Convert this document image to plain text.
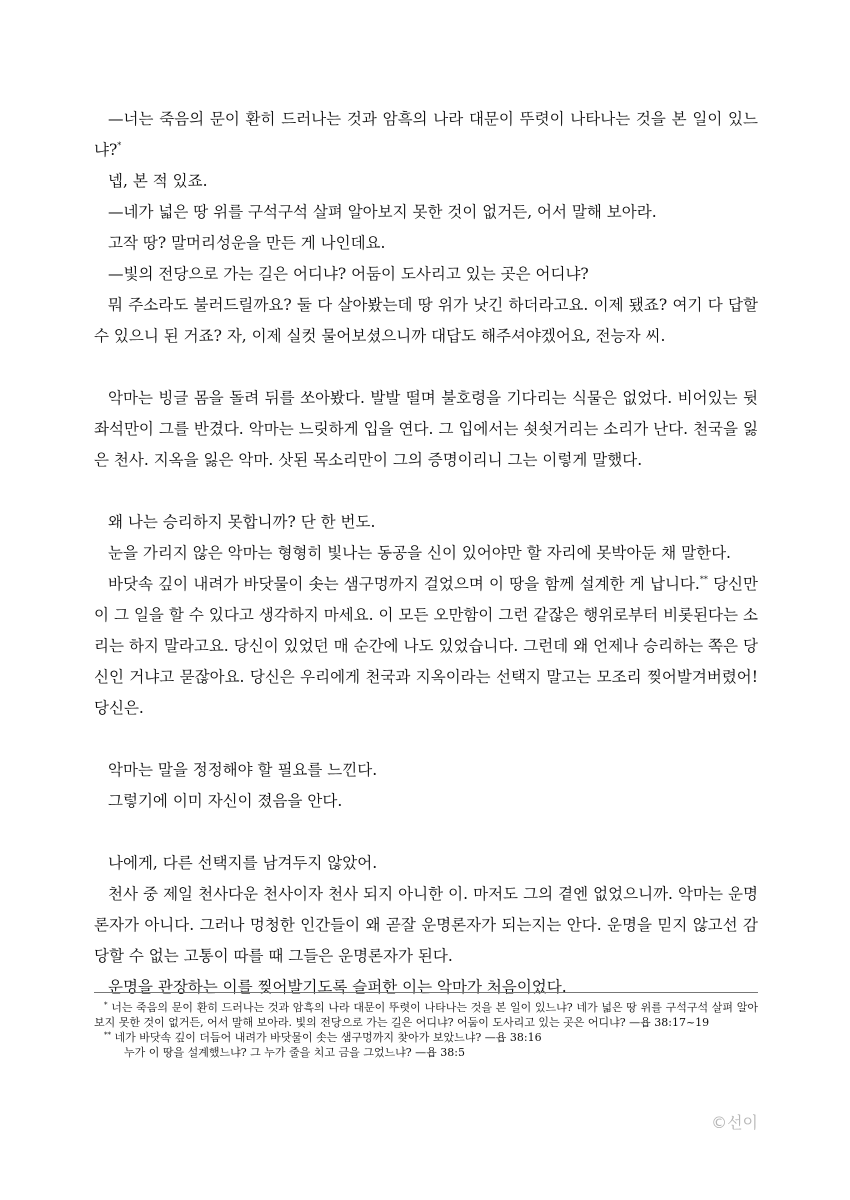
—너는 죽음의 문이 환히 드러나는 것과 암흑의 나라 대문이 뚜렷이 나타나는 것을 본 일이 있느냐?*

넵, 본 적 있죠.

—네가 넓은 땅 위를 구석구석 살펴 알아보지 못한 것이 없거든, 어서 말해 보아라.

고작 땅? 말머리성운을 만든 게 나인데요.

—빛의 전당으로 가는 길은 어디냐? 어둠이 도사리고 있는 곳은 어디냐?

뭐 주소라도 불러드릴까요? 둘 다 살아봤는데 땅 위가 낫긴 하더라고요. 이제 됐죠? 여기 다 답할 수 있으니 된 거죠? 자, 이제 실컷 물어보셨으니까 대답도 해주셔야겠어요, 전능자 씨.

악마는 빙글 몸을 돌려 뒤를 쏘아봤다. 발발 떨며 불호령을 기다리는 식물은 없었다. 비어있는 뒷좌석만이 그를 반겼다. 악마는 느릿하게 입을 연다. 그 입에서는 쇳쇳거리는 소리가 난다. 천국을 잃은 천사. 지옥을 잃은 악마. 삿된 목소리만이 그의 증명이리니 그는 이렇게 말했다.

왜 나는 승리하지 못합니까? 단 한 번도.

눈을 가리지 않은 악마는 형형히 빛나는 동공을 신이 있어야만 할 자리에 못박아둔 채 말한다.

바닷속 깊이 내려가 바닷물이 솟는 샘구멍까지 걸었으며 이 땅을 함께 설계한 게 납니다.** 당신만이 그 일을 할 수 있다고 생각하지 마세요. 이 모든 오만함이 그런 같잖은 행위로부터 비롯된다는 소리는 하지 말라고요. 당신이 있었던 매 순간에 나도 있었습니다. 그런데 왜 언제나 승리하는 쪽은 당신인 거냐고 묻잖아요. 당신은 우리에게 천국과 지옥이라는 선택지 말고는 모조리 찢어발겨버렸어! 당신은.

악마는 말을 정정해야 할 필요를 느낀다.

그렇기에 이미 자신이 졌음을 안다.

나에게, 다른 선택지를 남겨두지 않았어.

천사 중 제일 천사다운 천사이자 천사 되지 아니한 이. 마저도 그의 곁엔 없었으니까. 악마는 운명론자가 아니다. 그러나 멍청한 인간들이 왜 곧잘 운명론자가 되는지는 안다. 운명을 믿지 않고선 감당할 수 없는 고통이 따를 때 그들은 운명론자가 된다.

운명을 관장하는 이를 찢어발기도록 슬퍼한 이는 악마가 처음이었다.

* 너는 죽음의 문이 환히 드러나는 것과 암흑의 나라 대문이 뚜렷이 나타나는 것을 본 일이 있느냐? 네가 넓은 땅 위를 구석구석 살펴 알아보지 못한 것이 없거든, 어서 말해 보아라. 빛의 전당으로 가는 길은 어디냐? 어둠이 도사리고 있는 곳은 어디냐? —욥 38:17~19

** 네가 바닷속 깊이 더듬어 내려가 바닷물이 솟는 샘구멍까지 찾아가 보았느냐? —욥 38:16
누가 이 땅을 설계했느냐? 그 누가 줄을 치고 금을 그었느냐? —욥 38:5

©선이
